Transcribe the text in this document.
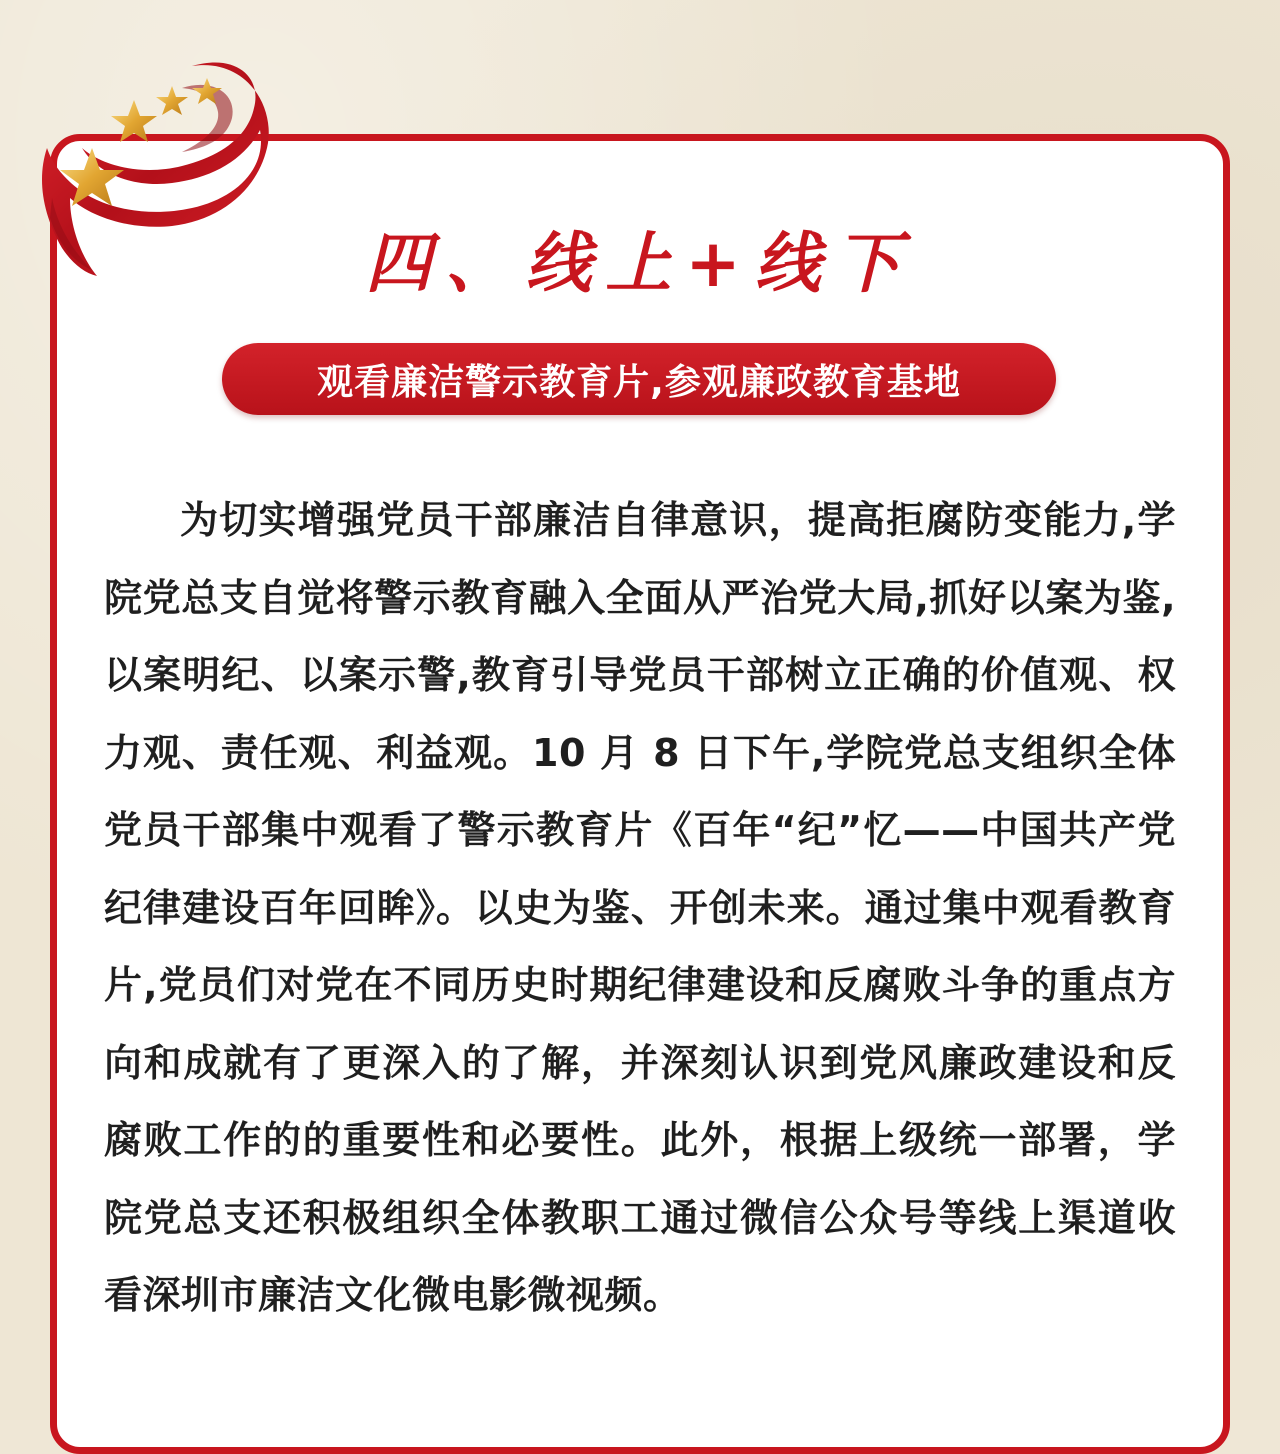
四、线上+线下
观看廉洁警示教育片,参观廉政教育基地

为切实增强党员干部廉洁自律意识，提高拒腐防变能力,学院党总支自觉将警示教育融入全面从严治党大局,抓好以案为鉴,以案明纪、以案示警,教育引导党员干部树立正确的价值观、权力观、责任观、利益观。10 月 8 日下午,学院党总支组织全体党员干部集中观看了警示教育片《百年“纪”忆——中国共产党纪律建设百年回眸》。以史为鉴、开创未来。通过集中观看教育片,党员们对党在不同历史时期纪律建设和反腐败斗争的重点方向和成就有了更深入的了解，并深刻认识到党风廉政建设和反腐败工作的的重要性和必要性。此外，根据上级统一部署，学院党总支还积极组织全体教职工通过微信公众号等线上渠道收看深圳市廉洁文化微电影微视频。
